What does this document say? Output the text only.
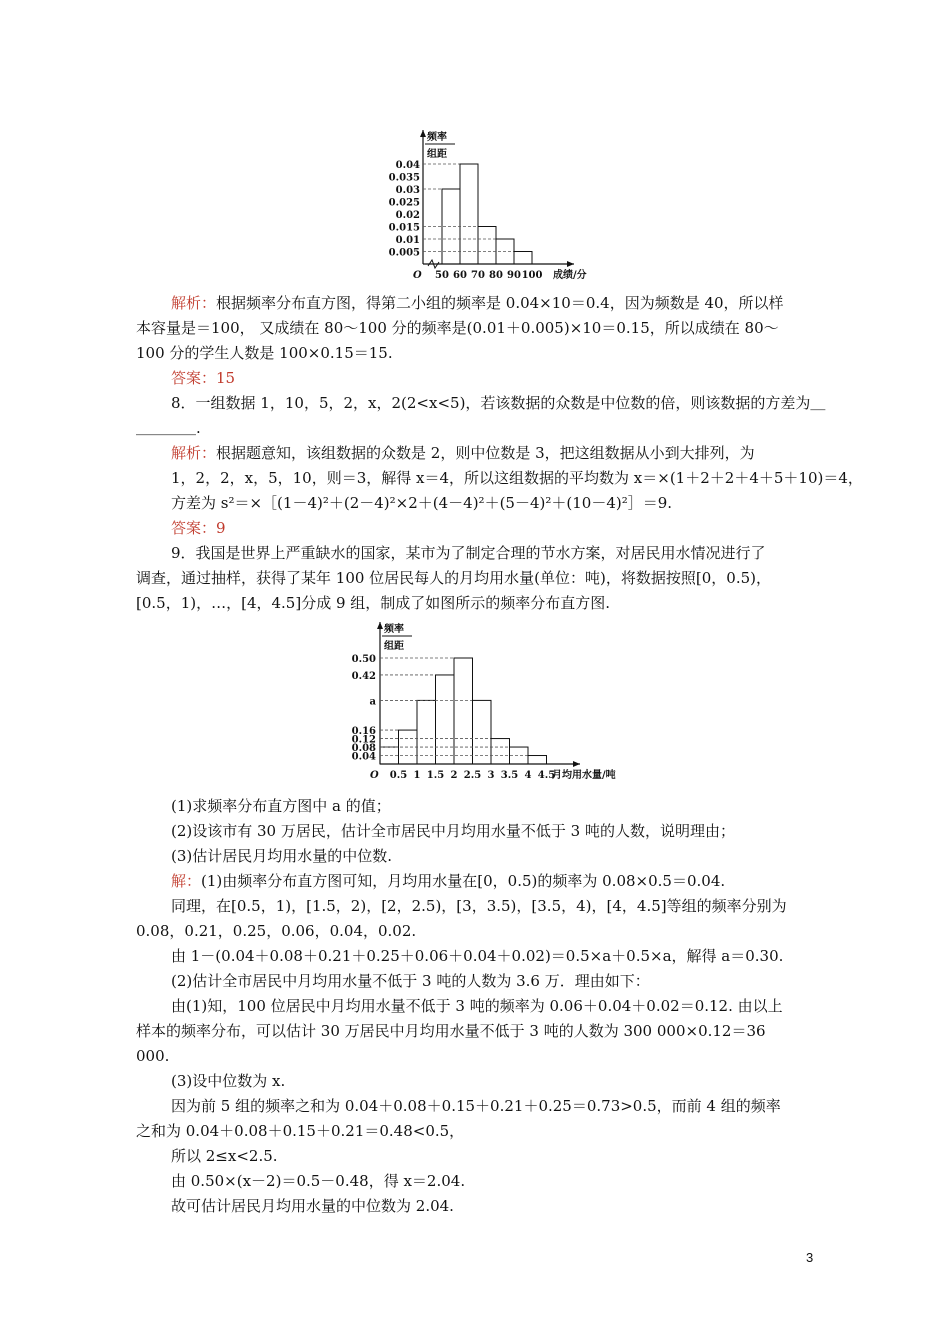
频率
组距
0.04
0.035
0.03
0.025
0.02
0.015
0.01
0.005
O 50 60 70 80 90 100 成绩/分
解析：根据频率分布直方图，得第二小组的频率是 0.04×10＝0.4，因为频数是 40，所以样
本容量是＝100， 又成绩在 80～100 分的频率是(0.01＋0.005)×10＝0.15，所以成绩在 80～
100 分的学生人数是 100×0.15＝15.
答案：15
8．一组数据 1，10，5，2，x，2(2<x<5)，若该数据的众数是中位数的倍，则该数据的方差为＿
＿＿＿＿.
解析：根据题意知，该组数据的众数是 2，则中位数是 3，把这组数据从小到大排列，为
1，2，2，x，5，10，则＝3，解得 x＝4，所以这组数据的平均数为 x＝×(1＋2＋2＋4＋5＋10)＝4，
方差为 s²＝×［(1－4)²＋(2－4)²×2＋(4－4)²＋(5－4)²＋(10－4)²］＝9.
答案：9
9．我国是世界上严重缺水的国家，某市为了制定合理的节水方案，对居民用水情况进行了
调查，通过抽样，获得了某年 100 位居民每人的月均用水量(单位：吨)，将数据按照[0，0.5)，
[0.5，1)，…，[4，4.5]分成 9 组，制成了如图所示的频率分布直方图.
频率
组距
0.50
0.42
a
0.16
0.12
0.08
0.04
O 0.5 1 1.5 2 2.5 3 3.5 4 4.5
月均用水量/吨
(1)求频率分布直方图中 a 的值；
(2)设该市有 30 万居民，估计全市居民中月均用水量不低于 3 吨的人数，说明理由；
(3)估计居民月均用水量的中位数.
解：(1)由频率分布直方图可知，月均用水量在[0，0.5)的频率为 0.08×0.5＝0.04.
同理，在[0.5，1)，[1.5，2)，[2，2.5)，[3，3.5)，[3.5，4)，[4，4.5]等组的频率分别为
0.08，0.21，0.25，0.06，0.04，0.02.
由 1－(0.04＋0.08＋0.21＋0.25＋0.06＋0.04＋0.02)＝0.5×a＋0.5×a，解得 a＝0.30.
(2)估计全市居民中月均用水量不低于 3 吨的人数为 3.6 万．理由如下：
由(1)知，100 位居民中月均用水量不低于 3 吨的频率为 0.06＋0.04＋0.02＝0.12. 由以上
样本的频率分布，可以估计 30 万居民中月均用水量不低于 3 吨的人数为 300 000×0.12＝36
000.
(3)设中位数为 x.
因为前 5 组的频率之和为 0.04＋0.08＋0.15＋0.21＋0.25＝0.73>0.5，而前 4 组的频率
之和为 0.04＋0.08＋0.15＋0.21＝0.48<0.5，
所以 2≤x<2.5.
由 0.50×(x－2)＝0.5－0.48，得 x＝2.04.
故可估计居民月均用水量的中位数为 2.04.
3
